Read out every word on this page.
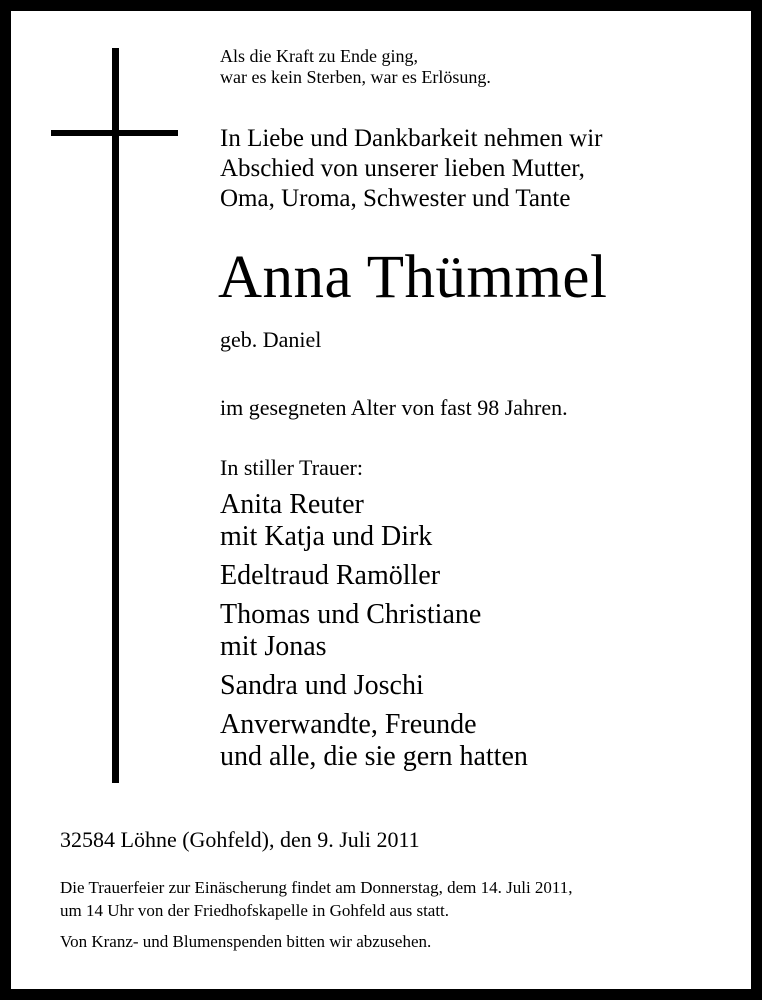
Als die Kraft zu Ende ging,
war es kein Sterben, war es Erlösung.
In Liebe und Dankbarkeit nehmen wir
Abschied von unserer lieben Mutter,
Oma, Uroma, Schwester und Tante
Anna Thümmel
geb. Daniel
im gesegneten Alter von fast 98 Jahren.
In stiller Trauer:
Anita Reuter
mit Katja und Dirk
Edeltraud Ramöller
Thomas und Christiane
mit Jonas
Sandra und Joschi
Anverwandte, Freunde
und alle, die sie gern hatten
32584 Löhne (Gohfeld), den 9. Juli 2011
Die Trauerfeier zur Einäscherung findet am Donnerstag, dem 14. Juli 2011,
um 14 Uhr von der Friedhofskapelle in Gohfeld aus statt.
Von Kranz- und Blumenspenden bitten wir abzusehen.
